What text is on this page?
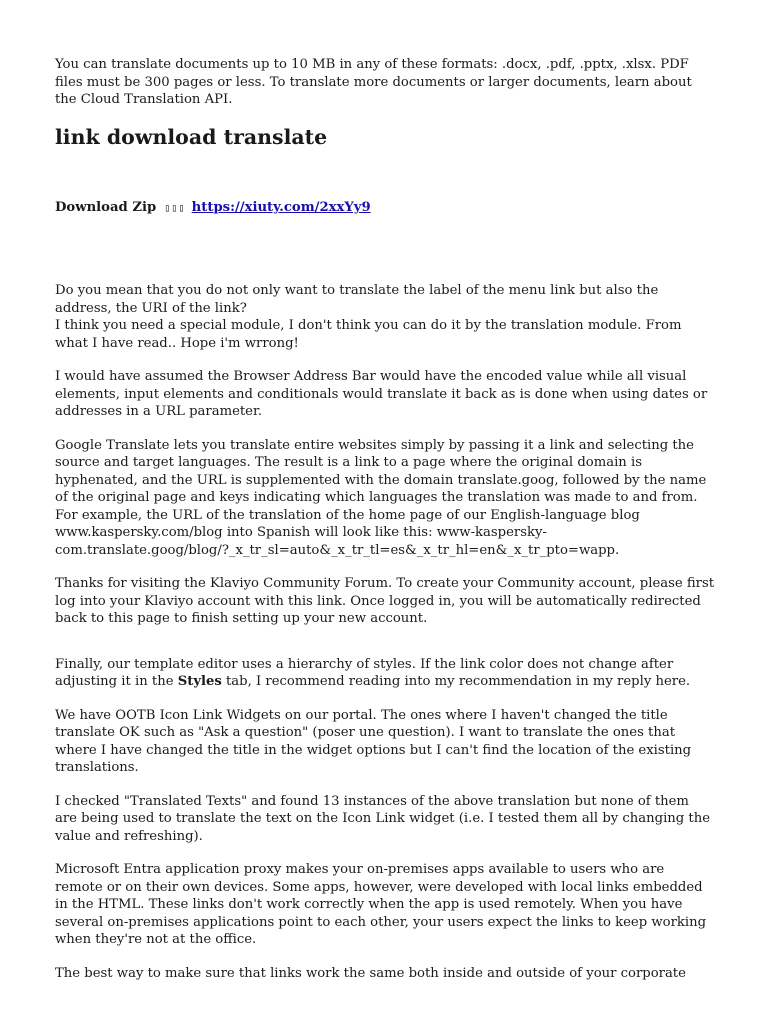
You can translate documents up to 10 MB in any of these formats: .docx, .pdf, .pptx, .xlsx. PDF files must be 300 pages or less. To translate more documents or larger documents, learn about the Cloud Translation API.

link download translate
Download Zip ▯▯▯ https://xiuty.com/2xxYy9

Do you mean that you do not only want to translate the label of the menu link but also the address, the URI of the link?
I think you need a special module, I don't think you can do it by the translation module. From what I have read.. Hope i'm wrrong!

I would have assumed the Browser Address Bar would have the encoded value while all visual elements, input elements and conditionals would translate it back as is done when using dates or addresses in a URL parameter.

Google Translate lets you translate entire websites simply by passing it a link and selecting the source and target languages. The result is a link to a page where the original domain is hyphenated, and the URL is supplemented with the domain translate.goog, followed by the name of the original page and keys indicating which languages the translation was made to and from. For example, the URL of the translation of the home page of our English-language blog www.kaspersky.com/blog into Spanish will look like this: www-kaspersky-com.translate.goog/blog/?_x_tr_sl=auto&_x_tr_tl=es&_x_tr_hl=en&_x_tr_pto=wapp.

Thanks for visiting the Klaviyo Community Forum. To create your Community account, please first log into your Klaviyo account with this link. Once logged in, you will be automatically redirected back to this page to finish setting up your new account.

Finally, our template editor uses a hierarchy of styles. If the link color does not change after adjusting it in the Styles tab, I recommend reading into my recommendation in my reply here.

We have OOTB Icon Link Widgets on our portal. The ones where I haven't changed the title translate OK such as "Ask a question" (poser une question). I want to translate the ones that where I have changed the title in the widget options but I can't find the location of the existing translations.

I checked "Translated Texts" and found 13 instances of the above translation but none of them are being used to translate the text on the Icon Link widget (i.e. I tested them all by changing the value and refreshing).

Microsoft Entra application proxy makes your on-premises apps available to users who are remote or on their own devices. Some apps, however, were developed with local links embedded in the HTML. These links don't work correctly when the app is used remotely. When you have several on-premises applications point to each other, your users expect the links to keep working when they're not at the office.

The best way to make sure that links work the same both inside and outside of your corporate
